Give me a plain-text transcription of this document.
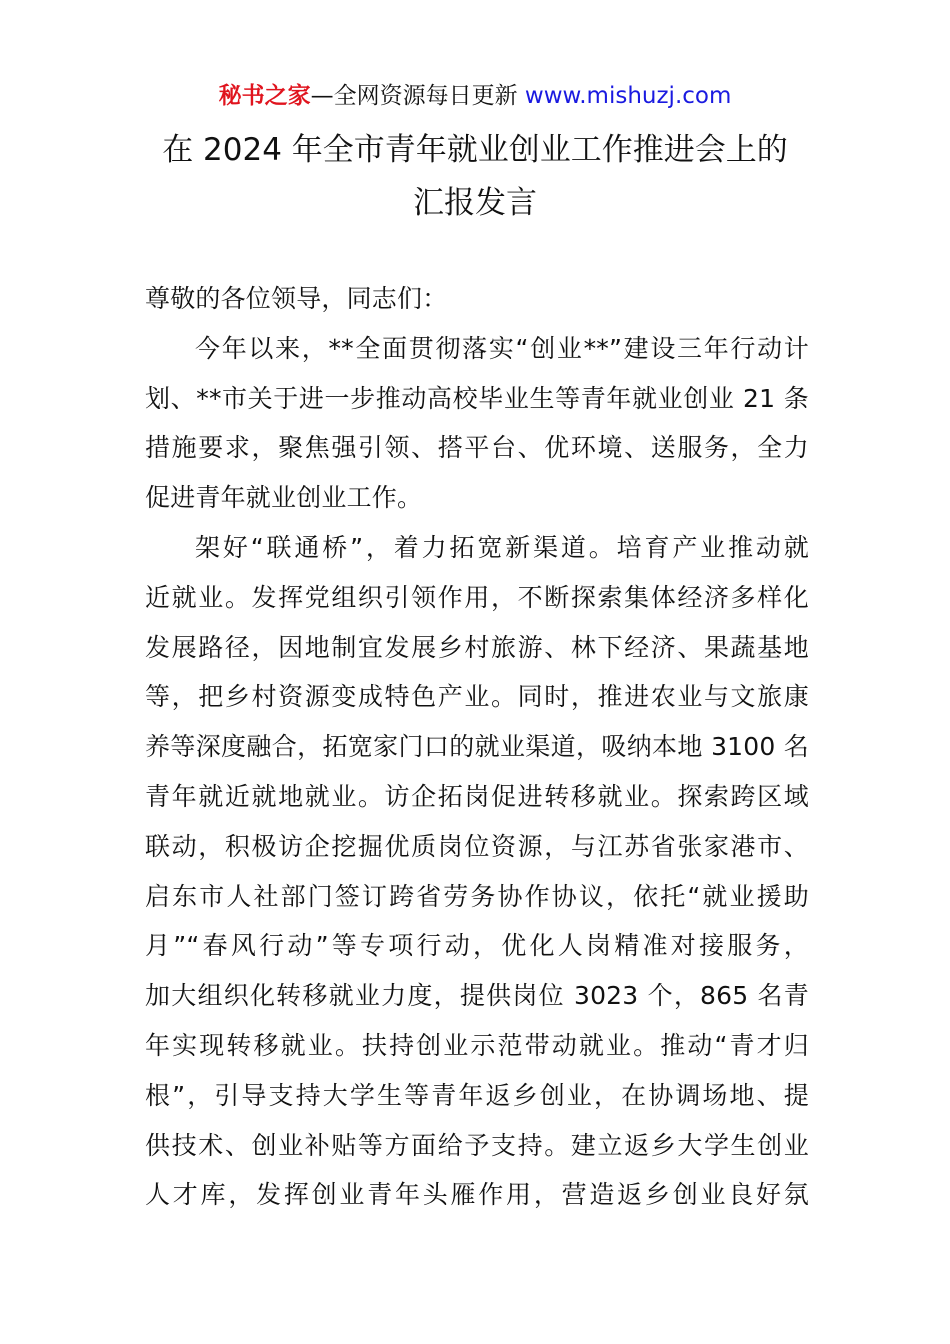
秘书之家—全网资源每日更新 www.mishuzj.com
在 2024 年全市青年就业创业工作推进会上的
汇报发言
尊敬的各位领导，同志们：
今年以来，**全面贯彻落实“创业**”建设三年行动计
划、**市关于进一步推动高校毕业生等青年就业创业 21 条
措施要求，聚焦强引领、搭平台、优环境、送服务，全力
促进青年就业创业工作。
架好“联通桥”，着力拓宽新渠道。培育产业推动就
近就业。发挥党组织引领作用，不断探索集体经济多样化
发展路径，因地制宜发展乡村旅游、林下经济、果蔬基地
等，把乡村资源变成特色产业。同时，推进农业与文旅康
养等深度融合，拓宽家门口的就业渠道，吸纳本地 3100 名
青年就近就地就业。访企拓岗促进转移就业。探索跨区域
联动，积极访企挖掘优质岗位资源，与江苏省张家港市、
启东市人社部门签订跨省劳务协作协议，依托“就业援助
月”“春风行动”等专项行动，优化人岗精准对接服务，
加大组织化转移就业力度，提供岗位 3023 个，865 名青
年实现转移就业。扶持创业示范带动就业。推动“青才归
根”，引导支持大学生等青年返乡创业，在协调场地、提
供技术、创业补贴等方面给予支持。建立返乡大学生创业
人才库，发挥创业青年头雁作用，营造返乡创业良好氛
